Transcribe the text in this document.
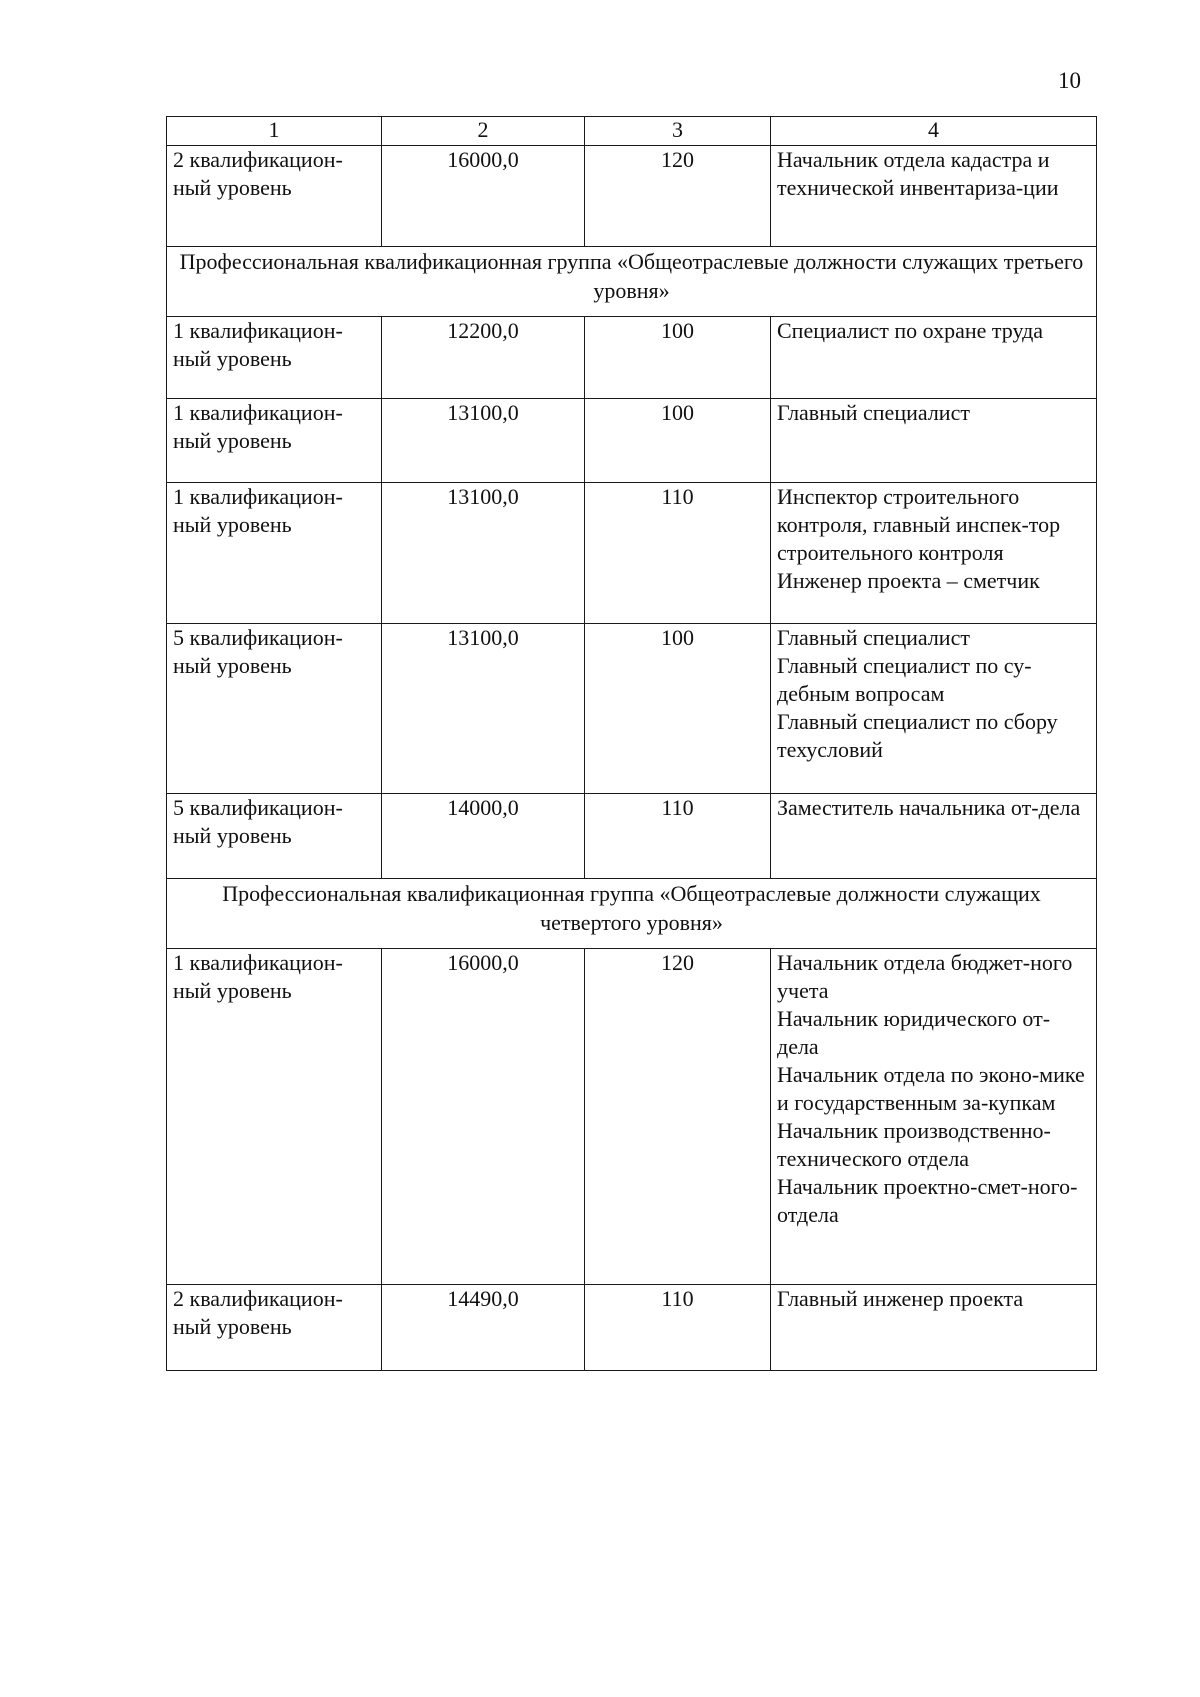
10
1	2	3	4

2 квалификацион-
ный уровень	16000,0	120	Начальник отдела кадастра и технической инвентариза-ции

Профессиональная квалификационная группа «Общеотраслевые должности служащих третьего уровня»			

1 квалификацион-
ный уровень	12200,0	100	Специалист по охране труда

1 квалификацион-
ный уровень	13100,0	100	Главный специалист

1 квалификацион-
ный уровень	13100,0	110	Инспектор строительного контроля, главный инспек-тор строительного контроля
Инженер проекта – сметчик

5 квалификацион-
ный уровень	13100,0	100	Главный специалист
Главный специалист по су-дебным вопросам
Главный специалист по сбору техусловий

5 квалификацион-
ный уровень	14000,0	110	Заместитель начальника от-дела

Профессиональная квалификационная группа «Общеотраслевые должности служащих четвертого уровня»			

1 квалификацион-
ный уровень	16000,0	120	Начальник отдела бюджет-ного учета
Начальник юридического от-дела
Начальник отдела по эконо-мике и государственным за-купкам
Начальник производственно-технического отдела
Начальник проектно-смет-ного-отдела

2 квалификацион-
ный уровень	14490,0	110	Главный инженер проекта
